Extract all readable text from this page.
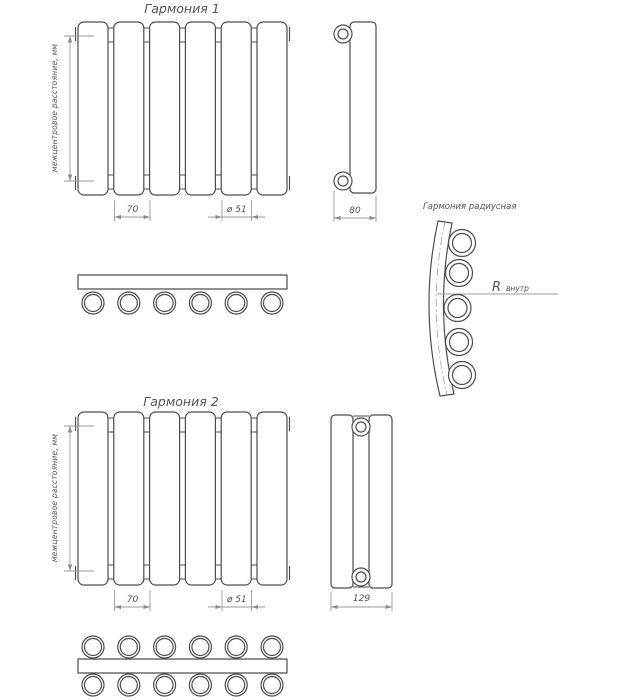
Гармония 1
межцентровое расстояние, мм
70	ø 51	80	Гармония радиусная
R внутр
Гармония 2
межцентровое расстояние, мм
70	ø 51	129
